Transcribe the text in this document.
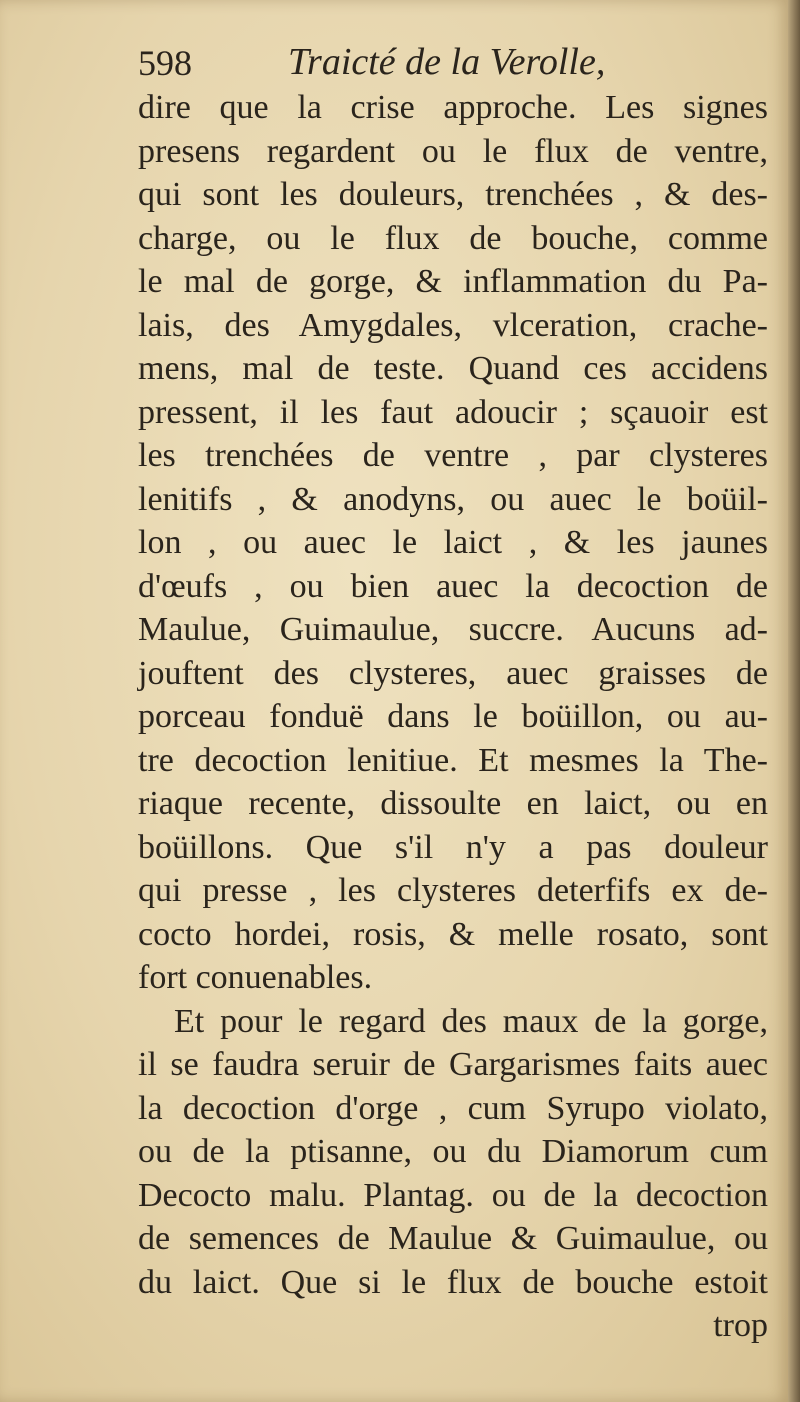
598	Traicté de la Verolle,
dire que la crise approche. Les signes
presens regardent ou le flux de ventre,
qui sont les douleurs, trenchées , & des-
charge, ou le flux de bouche, comme
le mal de gorge, & inflammation du Pa-
lais, des Amygdales, vlceration, crache-
mens, mal de teste. Quand ces accidens
pressent, il les faut adoucir ; sçauoir est
les trenchées de ventre , par clysteres
lenitifs , & anodyns, ou auec le boüil-
lon , ou auec le laict , & les jaunes
d'œufs , ou bien auec la decoction de
Maulue, Guimaulue, succre. Aucuns ad-
jouftent des clysteres, auec graisses de
porceau fonduë dans le boüillon, ou au-
tre decoction lenitiue. Et mesmes la The-
riaque recente, dissoulte en laict, ou en
boüillons. Que s'il n'y a pas douleur
qui presse , les clysteres deterfifs ex de-
cocto hordei, rosis, & melle rosato, sont
fort conuenables.
Et pour le regard des maux de la gorge,
il se faudra seruir de Gargarismes faits auec
la decoction d'orge , cum Syrupo violato,
ou de la ptisanne, ou du Diamorum cum
Decocto malu. Plantag. ou de la decoction
de semences de Maulue & Guimaulue, ou
du laict. Que si le flux de bouche estoit
trop
